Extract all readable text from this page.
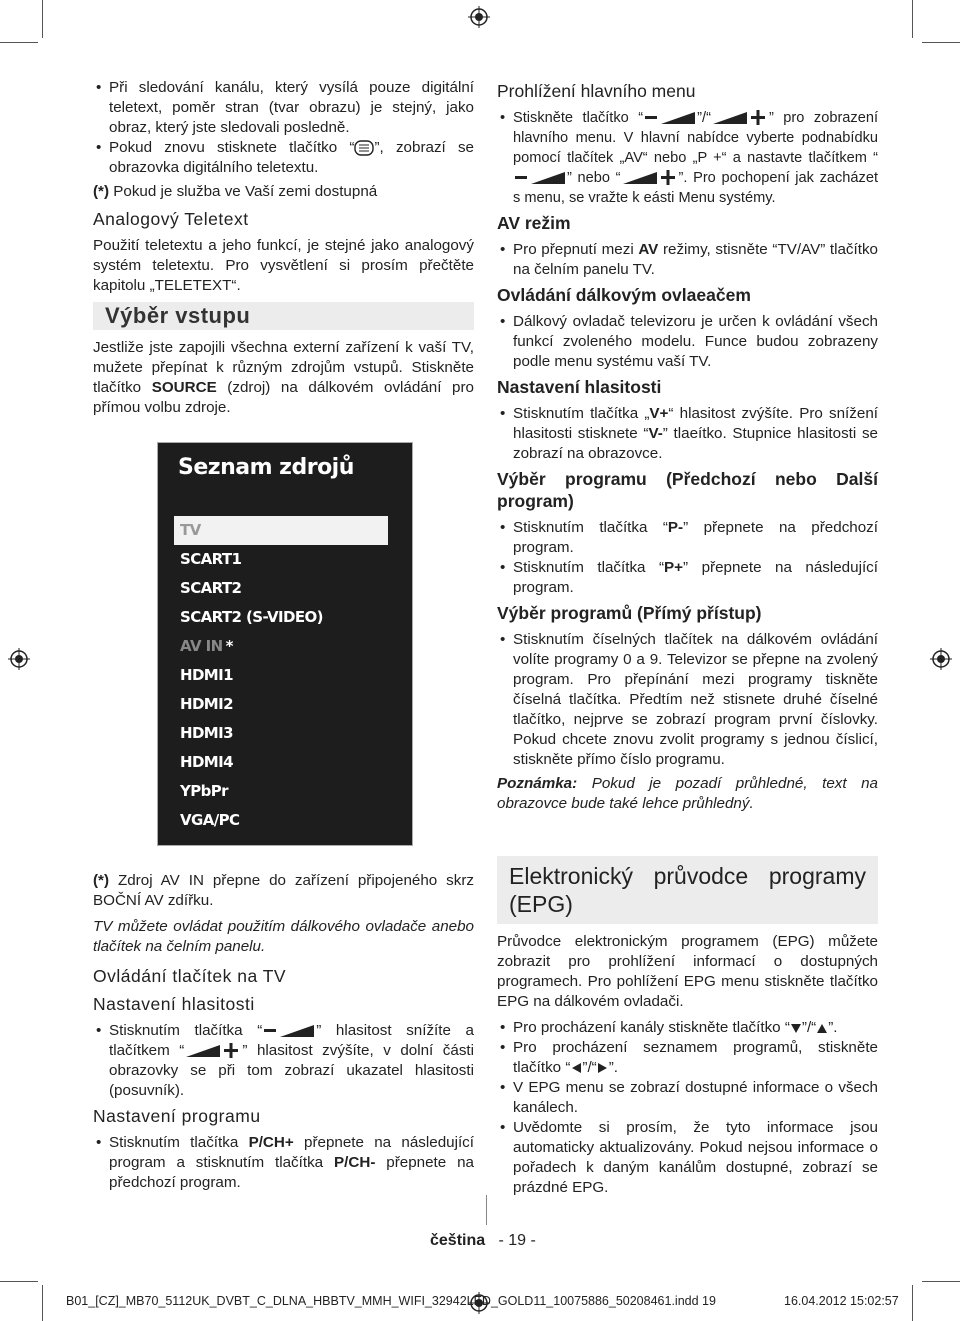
• Při sledování kanálu, který vysílá pouze digitální teletext, poměr stran (tvar obrazu) je stejný, jako obraz, který jste sledovali posledně.

• Pokud znovu stisknete tlačítko “ ”, zobrazí se obrazovka digitálního teletextu.

(*) Pokud je služba ve Vaší zemi dostupná

Analogový Teletext

Použití teletextu a jeho funkcí, je stejné jako analogový systém teletextu. Pro vysvětlení si prosím přečtěte kapitolu „TELETEXT“.

Výběr vstupu

Jestliže jste zapojili všechna externí zařízení k vaší TV, mužete přepínat k různým zdrojům vstupů. Stiskněte tlačítko SOURCE (zdroj) na dálkovém ovládání pro přímou volbu zdroje.

Seznam zdrojů
TV
SCART1
SCART2
SCART2 (S-VIDEO)
AV IN *
HDMI1
HDMI2
HDMI3
HDMI4
YPbPr
VGA/PC

(*) Zdroj AV IN přepne do zařízení připojeného skrz BOČNÍ AV zdířku.

TV můžete ovládat použitím dálkového ovladače anebo tlačítek na čelním panelu.

Ovládání tlačítek na TV
Nastavení hlasitosti

• Stisknutím tlačítka “	” hlasitost snížíte a tlačítkem “	” hlasitost zvýšíte, v dolní části obrazovky se při tom zobrazí ukazatel hlasitosti (posuvník).

Nastavení programu

• Stisknutím tlačítka P/CH+ přepnete na následující program a stisknutím tlačítka P/CH- přepnete na předchozí program.

Prohlížení hlavního menu

• Stiskněte tlačítko “	”/“	” pro zobrazení hlavního menu. V hlavní nabídce vyberte podnabídku pomocí tlačítek „AV“ nebo „P +“ a nastavte tlačítkem “” nebo “	”. Pro pochopení jak zacházet s menu, se vražte k eásti Menu systémy.

AV režim

• Pro přepnutí mezi AV režimy, stisněte “TV/AV” tlačítko na čelním panelu TV.

Ovládání dálkovým ovlaeačem

• Dálkový ovladač televizoru je určen k ovládání všech funkcí zvoleného modelu. Funce budou zobrazeny podle menu systému vaší TV.

Nastavení hlasitosti

• Stisknutím tlačítka „V+“ hlasitost zvýšíte. Pro snížení hlasitosti stisknete “V-” tlaeítko. Stupnice hlasitosti se zobrazí na obrazovce.

Výběr programu (Předchozí nebo Další program)

• Stisknutím tlačítka “P-” přepnete na předchozí program.

• Stisknutím tlačítka “P+” přepnete na následující program.

Výběr programů (Přímý přístup)

• Stisknutím číselných tlačítek na dálkovém ovládání volíte programy 0 a 9. Televizor se přepne na zvolený program. Pro přepínání mezi programy tiskněte číselná tlačítka. Předtím než stisnete druhé číselné tlačítko, nejprve se zobrazí program první číslovky. Pokud chcete znovu zvolit programy s jednou číslicí, stiskněte přímo číslo programu.

Poznámka: Pokud je pozadí průhledné, text na obrazovce bude také lehce průhledný.

Elektronický průvodce programy (EPG)

Průvodce elektronickým programem (EPG) můžete zobrazit pro prohlížení informací o dostupných programech. Pro pohlížení EPG menu stiskněte tlačítko EPG na dálkovém ovladači.

• Pro procházení kanály stiskněte tlačítko “ ”/“ ”.

• Pro procházení seznamem programů, stiskněte tlačítko “ ”/“ ”.

• V EPG menu se zobrazí dostupné informace o všech kanálech.

• Uvědomte si prosím, že tyto informace jsou automaticky aktualizovány. Pokud nejsou informace o pořadech k daným kanálům dostupné, zobrazí se prázdné EPG.

čeština - 19 -
B01_[CZ]_MB70_5112UK_DVBT_C_DLNA_HBBTV_MMH_WIFI_32942LED_GOLD11_10075886_50208461.indd 19	16.04.2012 15:02:57
